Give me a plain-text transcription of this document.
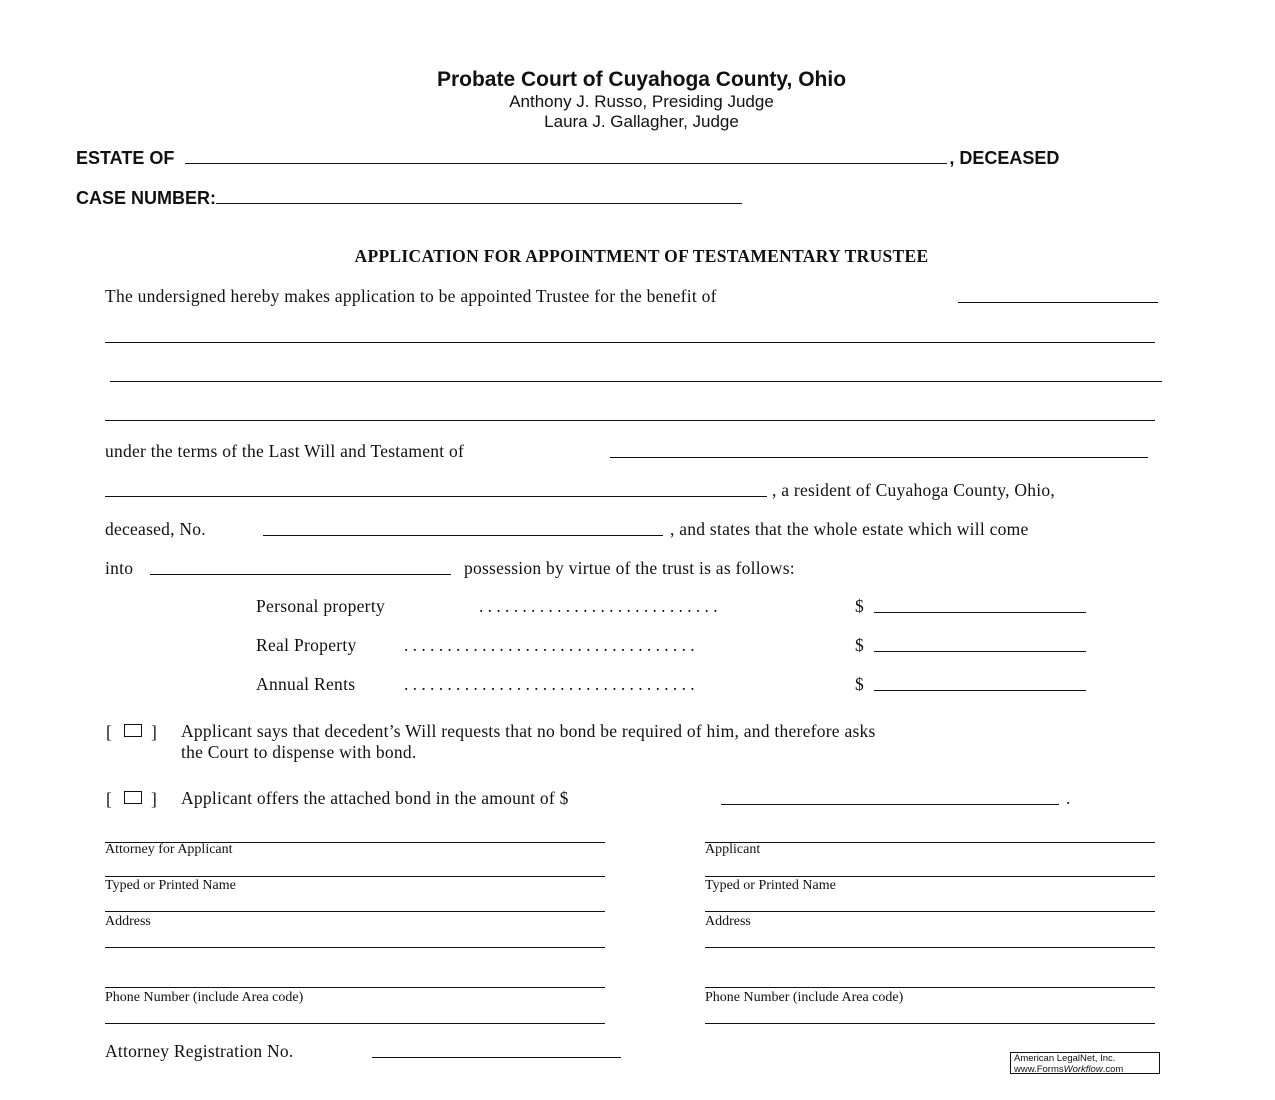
Probate Court of Cuyahoga County, Ohio
Anthony J. Russo, Presiding Judge
Laura J. Gallagher, Judge
ESTATE OF	, DECEASED
CASE NUMBER:
APPLICATION FOR APPOINTMENT OF TESTAMENTARY TRUSTEE
The undersigned hereby makes application to be appointed Trustee for the benefit of
under the terms of the Last Will and Testament of
, a resident of Cuyahoga County, Ohio,
deceased, No.	, and states that the whole estate which will come
into	possession by virtue of the trust is as follows:
Personal property	............................	$
Real Property	..................................	$
Annual Rents	..................................	$
[ ] Applicant says that decedent’s Will requests that no bond be required of him, and therefore asks
the Court to dispense with bond.
[ ] Applicant offers the attached bond in the amount of $	.
Attorney for Applicant
Typed or Printed Name
Address
Phone Number (include Area code)
Applicant
Typed or Printed Name
Address
Phone Number (include Area code)
Attorney Registration No.	American LegalNet, Inc.
www.FormsWorkflow.com
